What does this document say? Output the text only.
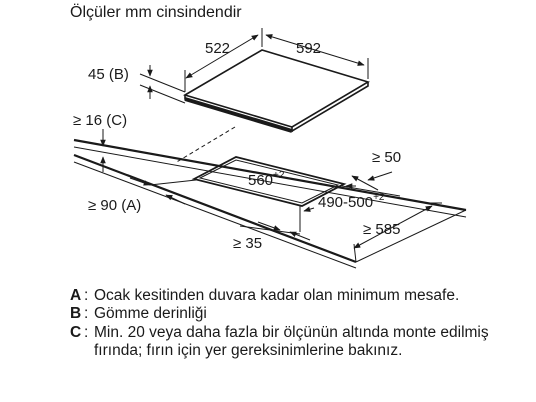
Ölçüler mm cinsindendir
522	592
45 (B)
$560^{+2}$
$490-500^{+2}$
≥ 16 (C)
≥ 50
≥ 90 (A)
≥ 35
≥ 585
A : Ocak kesitinden duvara kadar olan minimum mesafe.
B : Gömme derinliği
C : Min. 20 veya daha fazla bir ölçünün altında monte edilmiş fırında; fırın için yer gereksinimlerine bakınız.
